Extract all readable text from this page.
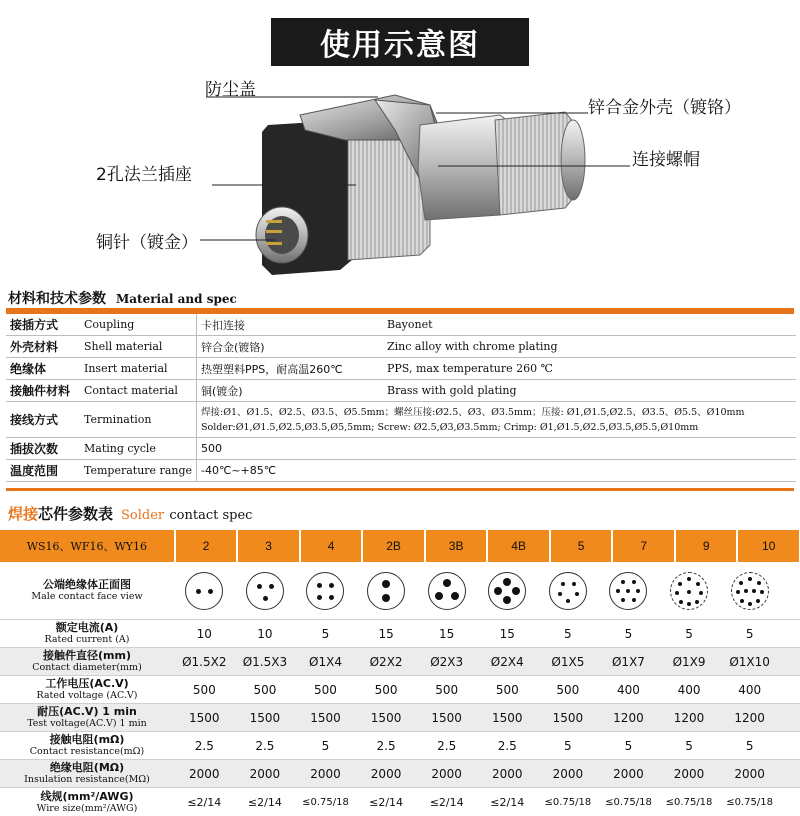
使用示意图
防尘盖
2孔法兰插座
铜针（镀金）
锌合金外壳（镀铬）
连接螺帽
材料和技术参数 Material and spec
接插方式	Coupling	卡扣连接	Bayonet
外壳材料	Shell material	锌合金(镀铬)	Zinc alloy with chrome plating
绝缘体	Insert material	热塑塑料PPS，耐高温260℃	PPS, max temperature 260 ℃
接触件材料	Contact material	铜(镀金)	Brass with gold plating
接线方式	Termination
焊接:Ø1、Ø1.5、Ø2.5、Ø3.5、Ø5.5mm；螺丝压接:Ø2.5、Ø3、Ø3.5mm；压接: Ø1,Ø1.5,Ø2.5、Ø3.5、Ø5.5、Ø10mm
Solder:Ø1,Ø1.5,Ø2.5,Ø3.5,Ø5,5mm; Screw: Ø2.5,Ø3,Ø3.5mm; Crimp: Ø1,Ø1.5,Ø2.5,Ø3.5,Ø5.5,Ø10mm
插拔次数	Mating cycle	500
温度范围	Temperature range -40℃~+85℃
焊接芯件参数表 Solder contact spec
WS16、WF16、WY16	2	3	4	2B	3B	4B	5	7	9	10
公端绝缘体正面图
Male contact face view
额定电流(A)
Rated current (A)	10	10	5	15	15	15	5	5	5	5
接触件直径(mm)
Contact diameter(mm)	Ø1.5X2	Ø1.5X3	Ø1X4	Ø2X2	Ø2X3	Ø2X4	Ø1X5	Ø1X7	Ø1X9	Ø1X10
工作电压(AC.V)
Rated voltage (AC.V)	500	500	500	500	500	500	500	400	400	400
耐压(AC.V) 1 min
Test voltage(AC.V) 1 min	1500	1500	1500	1500	1500	1500	1500	1200	1200	1200
接触电阻(mΩ)
Contact resistance(mΩ)	2.5	2.5	5	2.5	2.5	2.5	5	5	5	5
绝缘电阻(MΩ)
Insulation resistance(MΩ)	2000	2000	2000	2000	2000	2000	2000	2000	2000	2000
线规(mm²/AWG)
Wire size(mm²/AWG)	≤2/14	≤2/14	≤0.75/18	≤2/14	≤2/14	≤2/14	≤0.75/18	≤0.75/18	≤0.75/18	≤0.75/18
